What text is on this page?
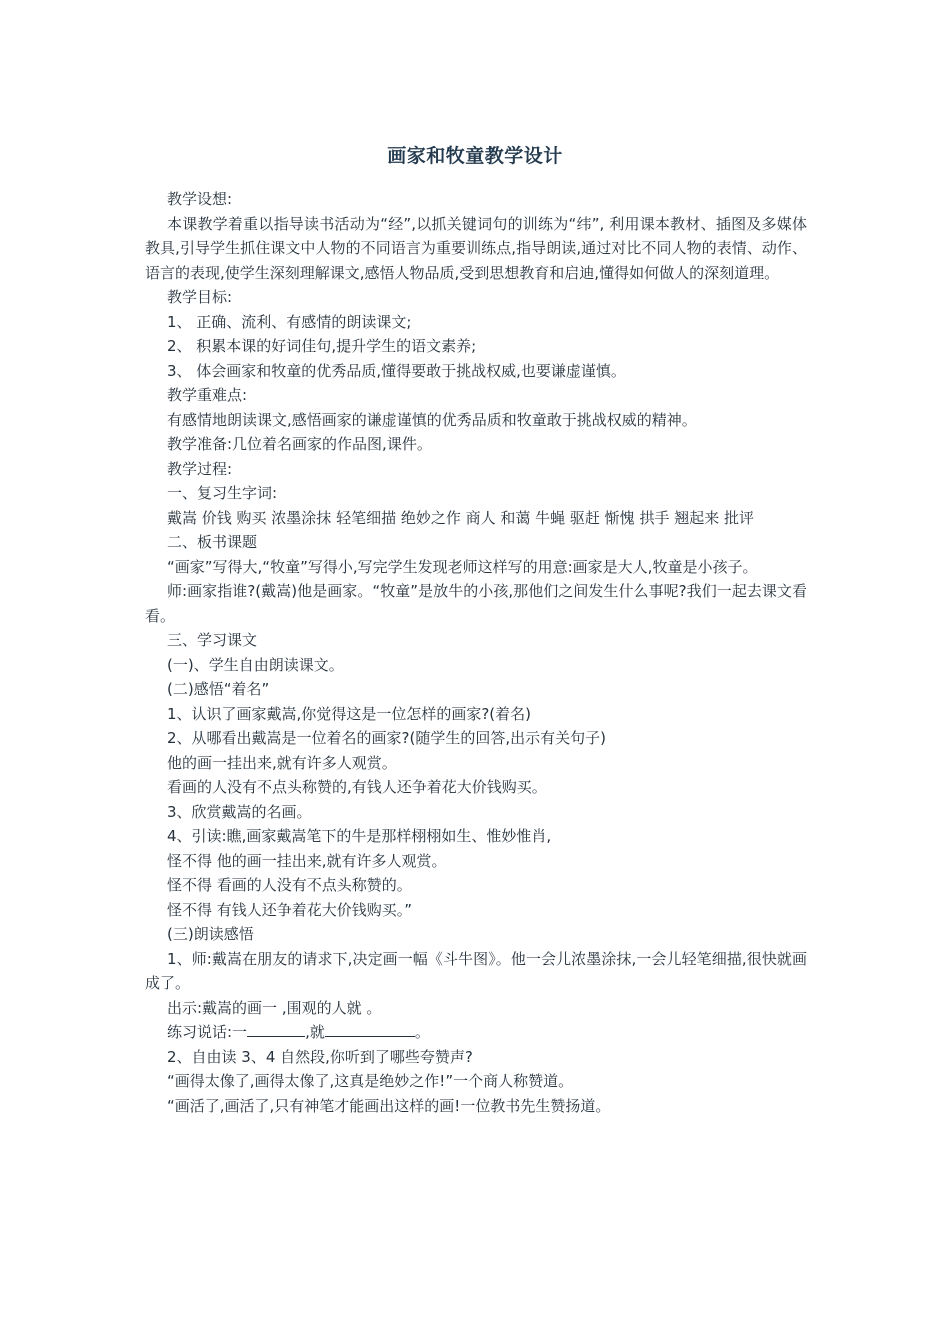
画家和牧童教学设计

教学设想:

本课教学着重以指导读书活动为“经”,以抓关键词句的训练为“纬”, 利用课本教材、插图及多媒体教具,引导学生抓住课文中人物的不同语言为重要训练点,指导朗读,通过对比不同人物的表情、动作、语言的表现,使学生深刻理解课文,感悟人物品质,受到思想教育和启迪,懂得如何做人的深刻道理。

教学目标:

1、 正确、流利、有感情的朗读课文;

2、 积累本课的好词佳句,提升学生的语文素养;

3、 体会画家和牧童的优秀品质,懂得要敢于挑战权威,也要谦虚谨慎。

教学重难点:

有感情地朗读课文,感悟画家的谦虚谨慎的优秀品质和牧童敢于挑战权威的精神。

教学准备:几位着名画家的作品图,课件。

教学过程:

一、复习生字词:

戴嵩 价钱 购买 浓墨涂抹 轻笔细描 绝妙之作 商人 和蔼 牛蝇 驱赶 惭愧 拱手 翘起来 批评

二、板书课题

“画家”写得大,“牧童”写得小,写完学生发现老师这样写的用意:画家是大人,牧童是小孩子。

师:画家指谁?(戴嵩)他是画家。“牧童”是放牛的小孩,那他们之间发生什么事呢?我们一起去课文看看。

三、学习课文

(一)、学生自由朗读课文。

(二)感悟“着名”

1、认识了画家戴嵩,你觉得这是一位怎样的画家?(着名)

2、从哪看出戴嵩是一位着名的画家?(随学生的回答,出示有关句子)

他的画一挂出来,就有许多人观赏。

看画的人没有不点头称赞的,有钱人还争着花大价钱购买。

3、欣赏戴嵩的名画。

4、引读:瞧,画家戴嵩笔下的牛是那样栩栩如生、惟妙惟肖,

怪不得 他的画一挂出来,就有许多人观赏。

怪不得 看画的人没有不点头称赞的。

怪不得 有钱人还争着花大价钱购买。”

(三)朗读感悟

1、师:戴嵩在朋友的请求下,决定画一幅《斗牛图》。他一会儿浓墨涂抹,一会儿轻笔细描,很快就画成了。

出示:戴嵩的画一 ,围观的人就 。

练习说话:一	,就	。

2、自由读 3、4 自然段,你听到了哪些夸赞声?

“画得太像了,画得太像了,这真是绝妙之作!”一个商人称赞道。

“画活了,画活了,只有神笔才能画出这样的画!一位教书先生赞扬道。
